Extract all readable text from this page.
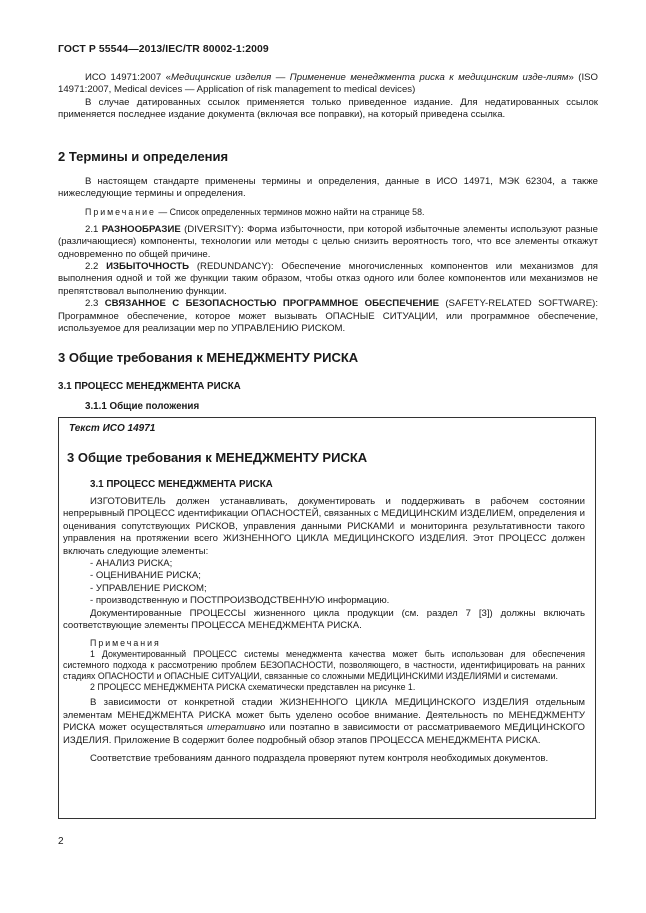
ГОСТ Р 55544—2013/IEC/TR 80002-1:2009

ИСО 14971:2007 «Медицинские изделия — Применение менеджмента риска к медицинским изде-лиям» (ISO 14971:2007, Medical devices — Application of risk management to medical devices)

В случае датированных ссылок применяется только приведенное издание. Для недатированных ссылок применяется последнее издание документа (включая все поправки), на который приведена ссылка.

2 Термины и определения

В настоящем стандарте применены термины и определения, данные в ИСО 14971, МЭК 62304, а также нижеследующие термины и определения.

Примечание — Список определенных терминов можно найти на странице 58.

2.1 РАЗНООБРАЗИЕ (DIVERSITY): Форма избыточности, при которой избыточные элементы используют разные (различающиеся) компоненты, технологии или методы с целью снизить вероятность того, что все элементы откажут одновременно по общей причине.

2.2 ИЗБЫТОЧНОСТЬ (REDUNDANCY): Обеспечение многочисленных компонентов или механизмов для выполнения одной и той же функции таким образом, чтобы отказ одного или более компонентов или механизмов не препятствовал выполнению функции.

2.3 СВЯЗАННОЕ С БЕЗОПАСНОСТЬЮ ПРОГРАММНОЕ ОБЕСПЕЧЕНИЕ (SAFETY-RELATED SOFTWARE): Программное обеспечение, которое может вызывать ОПАСНЫЕ СИТУАЦИИ, или программное обеспечение, используемое для реализации мер по УПРАВЛЕНИЮ РИСКОМ.

3 Общие требования к МЕНЕДЖМЕНТУ РИСКА
3.1 ПРОЦЕСС МЕНЕДЖМЕНТА РИСКА
3.1.1 Общие положения
Текст ИСО 14971
3 Общие требования к МЕНЕДЖМЕНТУ РИСКА
3.1 ПРОЦЕСС МЕНЕДЖМЕНТА РИСКА

ИЗГОТОВИТЕЛЬ должен устанавливать, документировать и поддерживать в рабочем состоянии непрерывный ПРОЦЕСС идентификации ОПАСНОСТЕЙ, связанных с МЕДИЦИНСКИМ ИЗДЕЛИЕМ, определения и оценивания сопутствующих РИСКОВ, управления данными РИСКАМИ и мониторинга результативности такого управления на протяжении всего ЖИЗНЕННОГО ЦИКЛА МЕДИЦИНСКОГО ИЗДЕЛИЯ. Этот ПРОЦЕСС должен включать следующие элементы:

- АНАЛИЗ РИСКА;

- ОЦЕНИВАНИЕ РИСКА;

- УПРАВЛЕНИЕ РИСКОМ;

- производственную и ПОСТПРОИЗВОДСТВЕННУЮ информацию.

Документированные ПРОЦЕССЫ жизненного цикла продукции (см. раздел 7 [3]) должны включать соответствующие элементы ПРОЦЕССА МЕНЕДЖМЕНТА РИСКА.

Примечания

1 Документированный ПРОЦЕСС системы менеджмента качества может быть использован для обеспечения системного подхода к рассмотрению проблем БЕЗОПАСНОСТИ, позволяющего, в частности, идентифицировать на ранних стадиях ОПАСНОСТИ и ОПАСНЫЕ СИТУАЦИИ, связанные со сложными МЕДИЦИНСКИМИ ИЗДЕЛИЯМИ и системами.

2 ПРОЦЕСС МЕНЕДЖМЕНТА РИСКА схематически представлен на рисунке 1.

В зависимости от конкретной стадии ЖИЗНЕННОГО ЦИКЛА МЕДИЦИНСКОГО ИЗДЕЛИЯ отдельным элементам МЕНЕДЖМЕНТА РИСКА может быть уделено особое внимание. Деятельность по МЕНЕДЖМЕНТУ РИСКА может осуществляться итеративно или поэтапно в зависимости от рассматриваемого МЕДИЦИНСКОГО ИЗДЕЛИЯ. Приложение В содержит более подробный обзор этапов ПРОЦЕССА МЕНЕДЖМЕНТА РИСКА.

Соответствие требованиям данного подраздела проверяют путем контроля необходимых документов.

2
